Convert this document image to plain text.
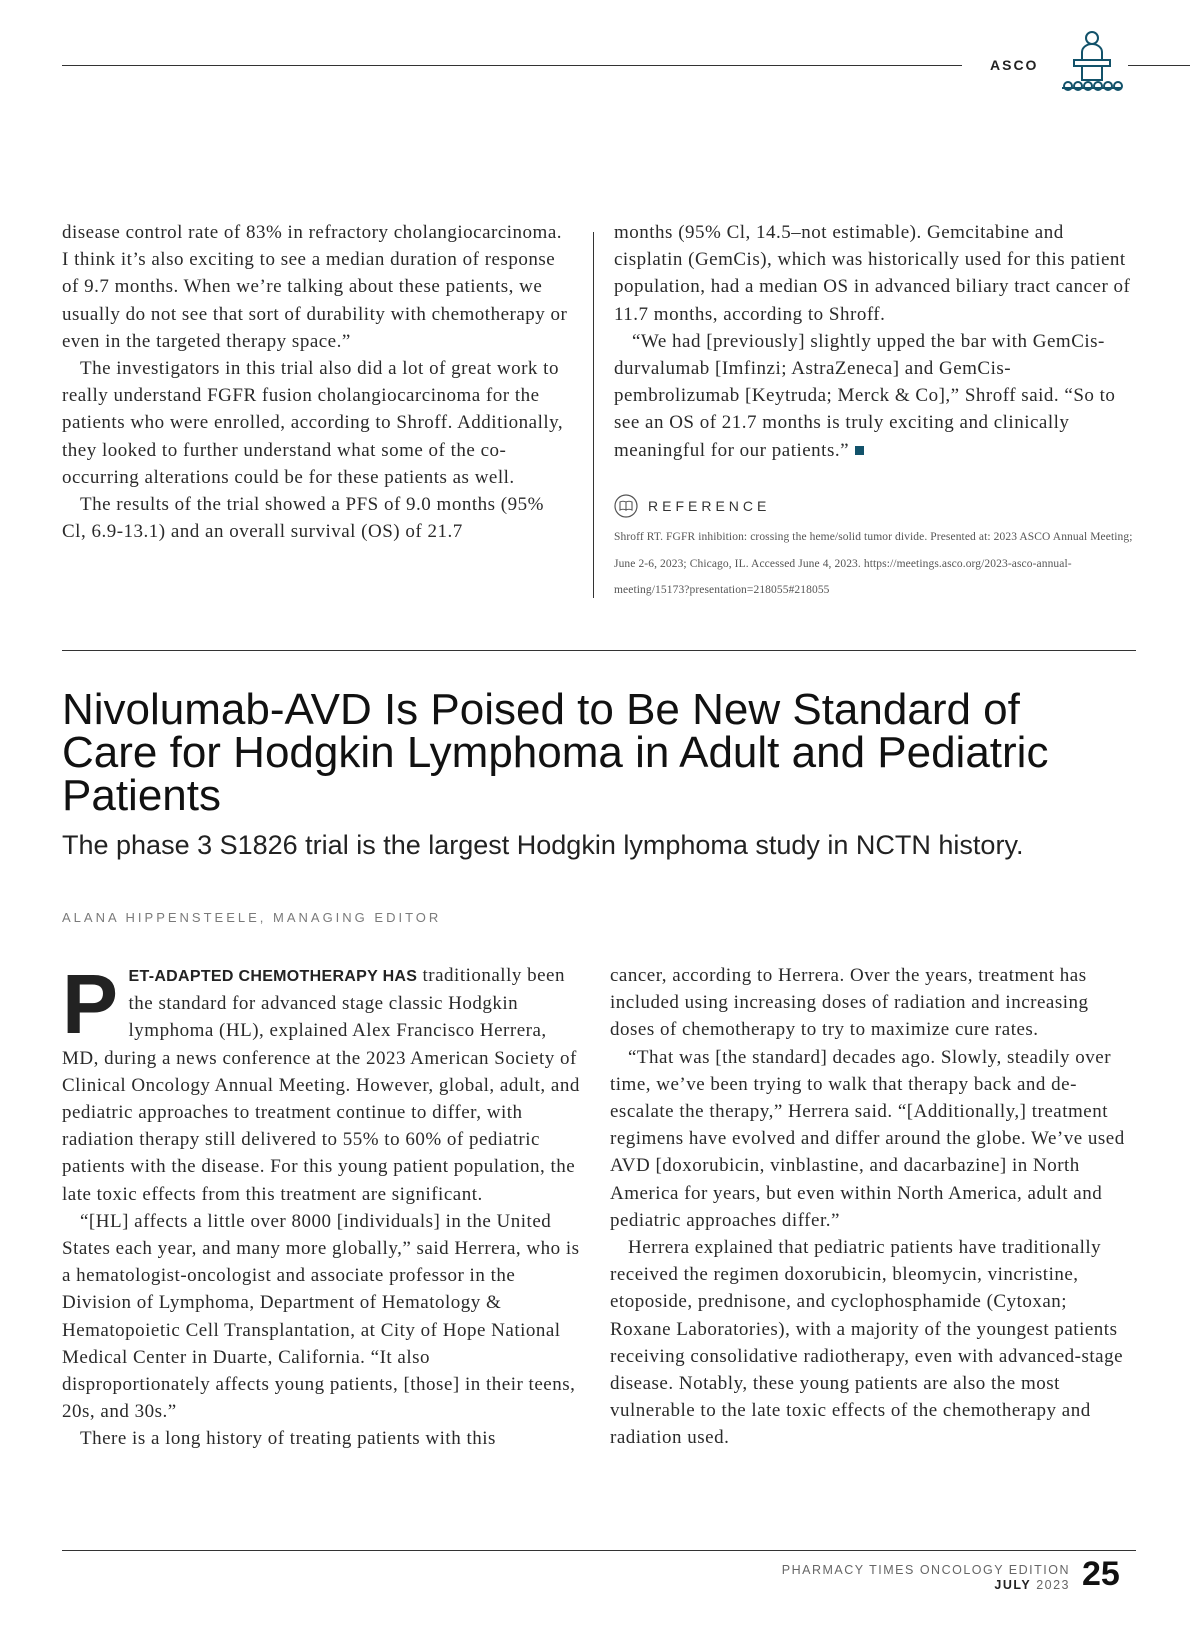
ASCO

disease control rate of 83% in refractory cholangiocarcinoma. I think it’s also exciting to see a median duration of response of 9.7 months. When we’re talking about these patients, we usually do not see that sort of durability with chemotherapy or even in the targeted therapy space.”

The investigators in this trial also did a lot of great work to really understand FGFR fusion cholangiocarcinoma for the patients who were enrolled, according to Shroff. Additionally, they looked to further understand what some of the co-occurring alterations could be for these patients as well.

The results of the trial showed a PFS of 9.0 months (95% Cl, 6.9-13.1) and an overall survival (OS) of 21.7

months (95% Cl, 14.5–not estimable). Gemcitabine and cisplatin (GemCis), which was historically used for this patient population, had a median OS in advanced biliary tract cancer of 11.7 months, according to Shroff.

“We had [previously] slightly upped the bar with GemCis-durvalumab [Imfinzi; AstraZeneca] and GemCis-pembrolizumab [Keytruda; Merck & Co],” Shroff said. “So to see an OS of 21.7 months is truly exciting and clinically meaningful for our patients.”

REFERENCE
Shroff RT. FGFR inhibition: crossing the heme/solid tumor divide. Presented at: 2023 ASCO Annual Meeting; June 2-6, 2023; Chicago, IL. Accessed June 4, 2023. https://meetings.asco.org/2023-asco-annual-meeting/15173?presentation=218055#218055
Nivolumab-AVD Is Poised to Be New Standard of Care for Hodgkin Lymphoma in Adult and Pediatric Patients
The phase 3 S1826 trial is the largest Hodgkin lymphoma study in NCTN history.
ALANA HIPPENSTEELE, MANAGING EDITOR

PET-ADAPTED CHEMOTHERAPY HAS traditionally been the standard for advanced stage classic Hodgkin lymphoma (HL), explained Alex Francisco Herrera, MD, during a news conference at the 2023 American Society of Clinical Oncology Annual Meeting. However, global, adult, and pediatric approaches to treatment continue to differ, with radiation therapy still delivered to 55% to 60% of pediatric patients with the disease. For this young patient population, the late toxic effects from this treatment are significant.

“[HL] affects a little over 8000 [individuals] in the United States each year, and many more globally,” said Herrera, who is a hematologist-oncologist and associate professor in the Division of Lymphoma, Department of Hematology & Hematopoietic Cell Transplantation, at City of Hope National Medical Center in Duarte, California. “It also disproportionately affects young patients, [those] in their teens, 20s, and 30s.”

There is a long history of treating patients with this

cancer, according to Herrera. Over the years, treatment has included using increasing doses of radiation and increasing doses of chemotherapy to try to maximize cure rates.

“That was [the standard] decades ago. Slowly, steadily over time, we’ve been trying to walk that therapy back and de-escalate the therapy,” Herrera said. “[Additionally,] treatment regimens have evolved and differ around the globe. We’ve used AVD [doxorubicin, vinblastine, and dacarbazine] in North America for years, but even within North America, adult and pediatric approaches differ.”

Herrera explained that pediatric patients have traditionally received the regimen doxorubicin, bleomycin, vincristine, etoposide, prednisone, and cyclophosphamide (Cytoxan; Roxane Laboratories), with a majority of the youngest patients receiving consolidative radiotherapy, even with advanced-stage disease. Notably, these young patients are also the most vulnerable to the late toxic effects of the chemotherapy and radiation used.

PHARMACY TIMES ONCOLOGY EDITION
JULY 2023 25
